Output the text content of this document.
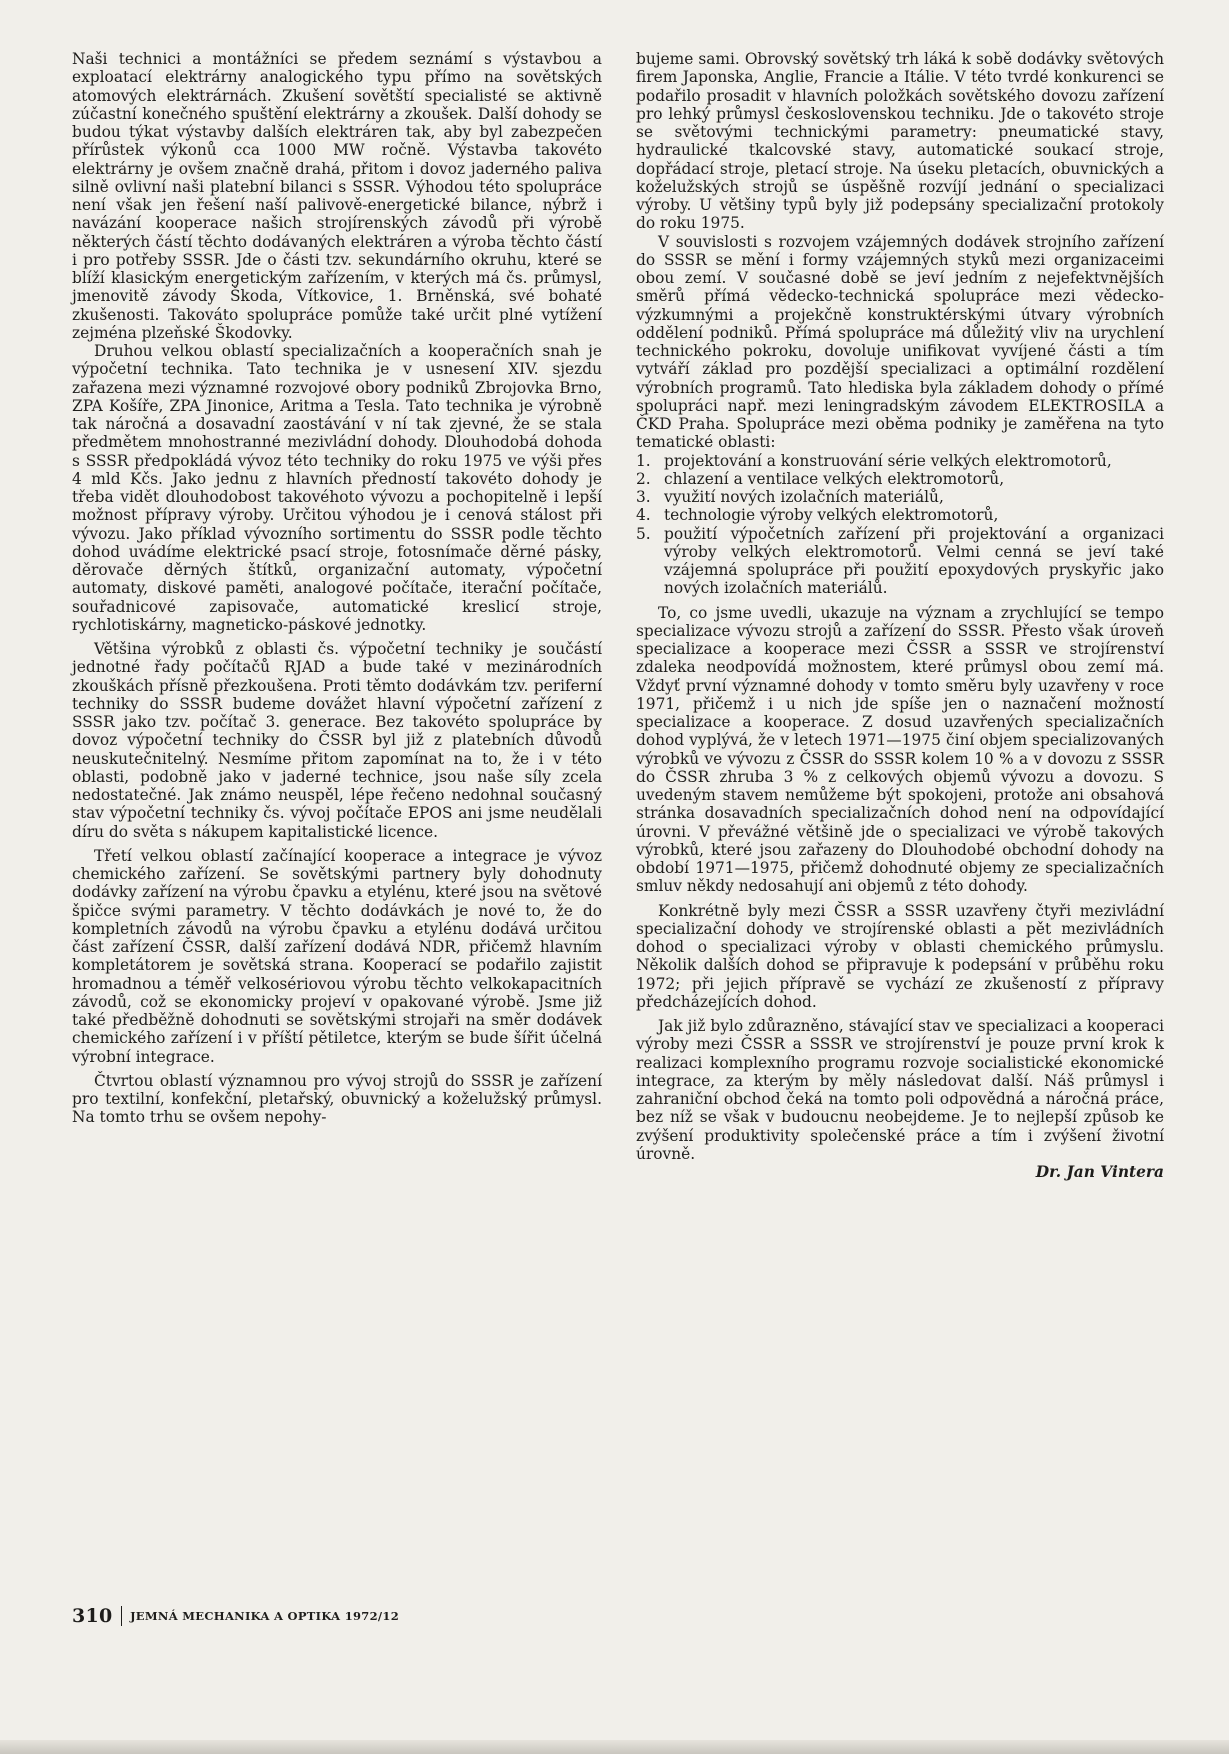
Naši technici a montážníci se předem seznámí s výstavbou a exploatací elektrárny analogického typu přímo na sovětských atomových elektrárnách. Zkušení sovětští specialisté se aktivně zúčastní konečného spuštění elektrárny a zkoušek. Další dohody se budou týkat výstavby dalších elektráren tak, aby byl zabezpečen přírůstek výkonů cca 1000 MW ročně. Výstavba takovéto elektrárny je ovšem značně drahá, přitom i dovoz jaderného paliva silně ovlivní naši platební bilanci s SSSR. Výhodou této spolupráce není však jen řešení naší palivově-energetické bilance, nýbrž i navázání kooperace našich strojírenských závodů při výrobě některých částí těchto dodávaných elektráren a výroba těchto částí i pro potřeby SSSR. Jde o části tzv. sekundárního okruhu, které se blíží klasickým energetickým zařízením, v kterých má čs. průmysl, jmenovitě závody Škoda, Vítkovice, 1. Brněnská, své bohaté zkušenosti. Takováto spolupráce pomůže také určit plné vytížení zejména plzeňské Škodovky.

Druhou velkou oblastí specializačních a kooperačních snah je výpočetní technika. Tato technika je v usnesení XIV. sjezdu zařazena mezi významné rozvojové obory podniků Zbrojovka Brno, ZPA Košíře, ZPA Jinonice, Aritma a Tesla. Tato technika je výrobně tak náročná a dosavadní zaostávání v ní tak zjevné, že se stala předmětem mnohostranné mezivládní dohody. Dlouhodobá dohoda s SSSR předpokládá vývoz této techniky do roku 1975 ve výši přes 4 mld Kčs. Jako jednu z hlavních předností takovéto dohody je třeba vidět dlouhodobost takovéhoto vývozu a pochopitelně i lepší možnost přípravy výroby. Určitou výhodou je i cenová stálost při vývozu. Jako příklad vývozního sortimentu do SSSR podle těchto dohod uvádíme elektrické psací stroje, fotosnímače děrné pásky, děrovače děrných štítků, organizační automaty, výpočetní automaty, diskové paměti, analogové počítače, iterační počítače, souřadnicové zapisovače, automatické kreslicí stroje, rychlotiskárny, magneticko-páskové jednotky.

Většina výrobků z oblasti čs. výpočetní techniky je součástí jednotné řady počítačů RJAD a bude také v mezinárodních zkouškách přísně přezkoušena. Proti těmto dodávkám tzv. periferní techniky do SSSR budeme dovážet hlavní výpočetní zařízení z SSSR jako tzv. počítač 3. generace. Bez takovéto spolupráce by dovoz výpočetní techniky do ČSSR byl již z platebních důvodů neuskutečnitelný. Nesmíme přitom zapomínat na to, že i v této oblasti, podobně jako v jaderné technice, jsou naše síly zcela nedostatečné. Jak známo neuspěl, lépe řečeno nedohnal současný stav výpočetní techniky čs. vývoj počítače EPOS ani jsme neudělali díru do světa s nákupem kapitalistické licence.

Třetí velkou oblastí začínající kooperace a integrace je vývoz chemického zařízení. Se sovětskými partnery byly dohodnuty dodávky zařízení na výrobu čpavku a etylénu, které jsou na světové špičce svými parametry. V těchto dodávkách je nové to, že do kompletních závodů na výrobu čpavku a etylénu dodává určitou část zařízení ČSSR, další zařízení dodává NDR, přičemž hlavním kompletátorem je sovětská strana. Kooperací se podařilo zajistit hromadnou a téměř velkosériovou výrobu těchto velkokapacitních závodů, což se ekonomicky projeví v opakované výrobě. Jsme již také předběžně dohodnuti se sovětskými strojaři na směr dodávek chemického zařízení i v příští pětiletce, kterým se bude šířit účelná výrobní integrace.

Čtvrtou oblastí významnou pro vývoj strojů do SSSR je zařízení pro textilní, konfekční, pletařský, obuvnický a koželužský průmysl. Na tomto trhu se ovšem nepohy-

bujeme sami. Obrovský sovětský trh láká k sobě dodávky světových firem Japonska, Anglie, Francie a Itálie. V této tvrdé konkurenci se podařilo prosadit v hlavních položkách sovětského dovozu zařízení pro lehký průmysl československou techniku. Jde o takovéto stroje se světovými technickými parametry: pneumatické stavy, hydraulické tkalcovské stavy, automatické soukací stroje, dopřádací stroje, pletací stroje. Na úseku pletacích, obuvnických a koželužských strojů se úspěšně rozvíjí jednání o specializaci výroby. U většiny typů byly již podepsány specializační protokoly do roku 1975.

V souvislosti s rozvojem vzájemných dodávek strojního zařízení do SSSR se mění i formy vzájemných styků mezi organizaceimi obou zemí. V současné době se jeví jedním z nejefektvnějších směrů přímá vědecko-technická spolupráce mezi vědecko-výzkumnými a projekčně konstruktérskými útvary výrobních oddělení podniků. Přímá spolupráce má důležitý vliv na urychlení technického pokroku, dovoluje unifikovat vyvíjené části a tím vytváří základ pro pozdější specializaci a optimální rozdělení výrobních programů. Tato hlediska byla základem dohody o přímé spolupráci např. mezi leningradským závodem ELEKTROSILA a ČKD Praha. Spolupráce mezi oběma podniky je zaměřena na tyto tematické oblasti:

1. projektování a konstruování série velkých elektromotorů,
2. chlazení a ventilace velkých elektromotorů,
3. využití nových izolačních materiálů,
4. technologie výroby velkých elektromotorů,
5. použití výpočetních zařízení při projektování a organizaci výroby velkých elektromotorů. Velmi cenná se jeví také vzájemná spolupráce při použití epoxydových pryskyřic jako nových izolačních materiálů.

To, co jsme uvedli, ukazuje na význam a zrychlující se tempo specializace vývozu strojů a zařízení do SSSR. Přesto však úroveň specializace a kooperace mezi ČSSR a SSSR ve strojírenství zdaleka neodpovídá možnostem, které průmysl obou zemí má. Vždyť první významné dohody v tomto směru byly uzavřeny v roce 1971, přičemž i u nich jde spíše jen o naznačení možností specializace a kooperace. Z dosud uzavřených specializačních dohod vyplývá, že v letech 1971—1975 činí objem specializovaných výrobků ve vývozu z ČSSR do SSSR kolem 10 % a v dovozu z SSSR do ČSSR zhruba 3 % z celkových objemů vývozu a dovozu. S uvedeným stavem nemůžeme být spokojeni, protože ani obsahová stránka dosavadních specializačních dohod není na odpovídající úrovni. V převážné většině jde o specializaci ve výrobě takových výrobků, které jsou zařazeny do Dlouhodobé obchodní dohody na období 1971—1975, přičemž dohodnuté objemy ze specializačních smluv někdy nedosahují ani objemů z této dohody.

Konkrétně byly mezi ČSSR a SSSR uzavřeny čtyři mezivládní specializační dohody ve strojírenské oblasti a pět mezivládních dohod o specializaci výroby v oblasti chemického průmyslu. Několik dalších dohod se připravuje k podepsání v průběhu roku 1972; při jejich přípravě se vychází ze zkušeností z přípravy předcházejících dohod.

Jak již bylo zdůrazněno, stávající stav ve specializaci a kooperaci výroby mezi ČSSR a SSSR ve strojírenství je pouze první krok k realizaci komplexního programu rozvoje socialistické ekonomické integrace, za kterým by měly následovat další. Náš průmysl i zahraniční obchod čeká na tomto poli odpovědná a náročná práce, bez níž se však v budoucnu neobejdeme. Je to nejlepší způsob ke zvýšení produktivity společenské práce a tím i zvýšení životní úrovně.

Dr. Jan Vintera
310 JEMNÁ MECHANIKA A OPTIKA 1972/12
